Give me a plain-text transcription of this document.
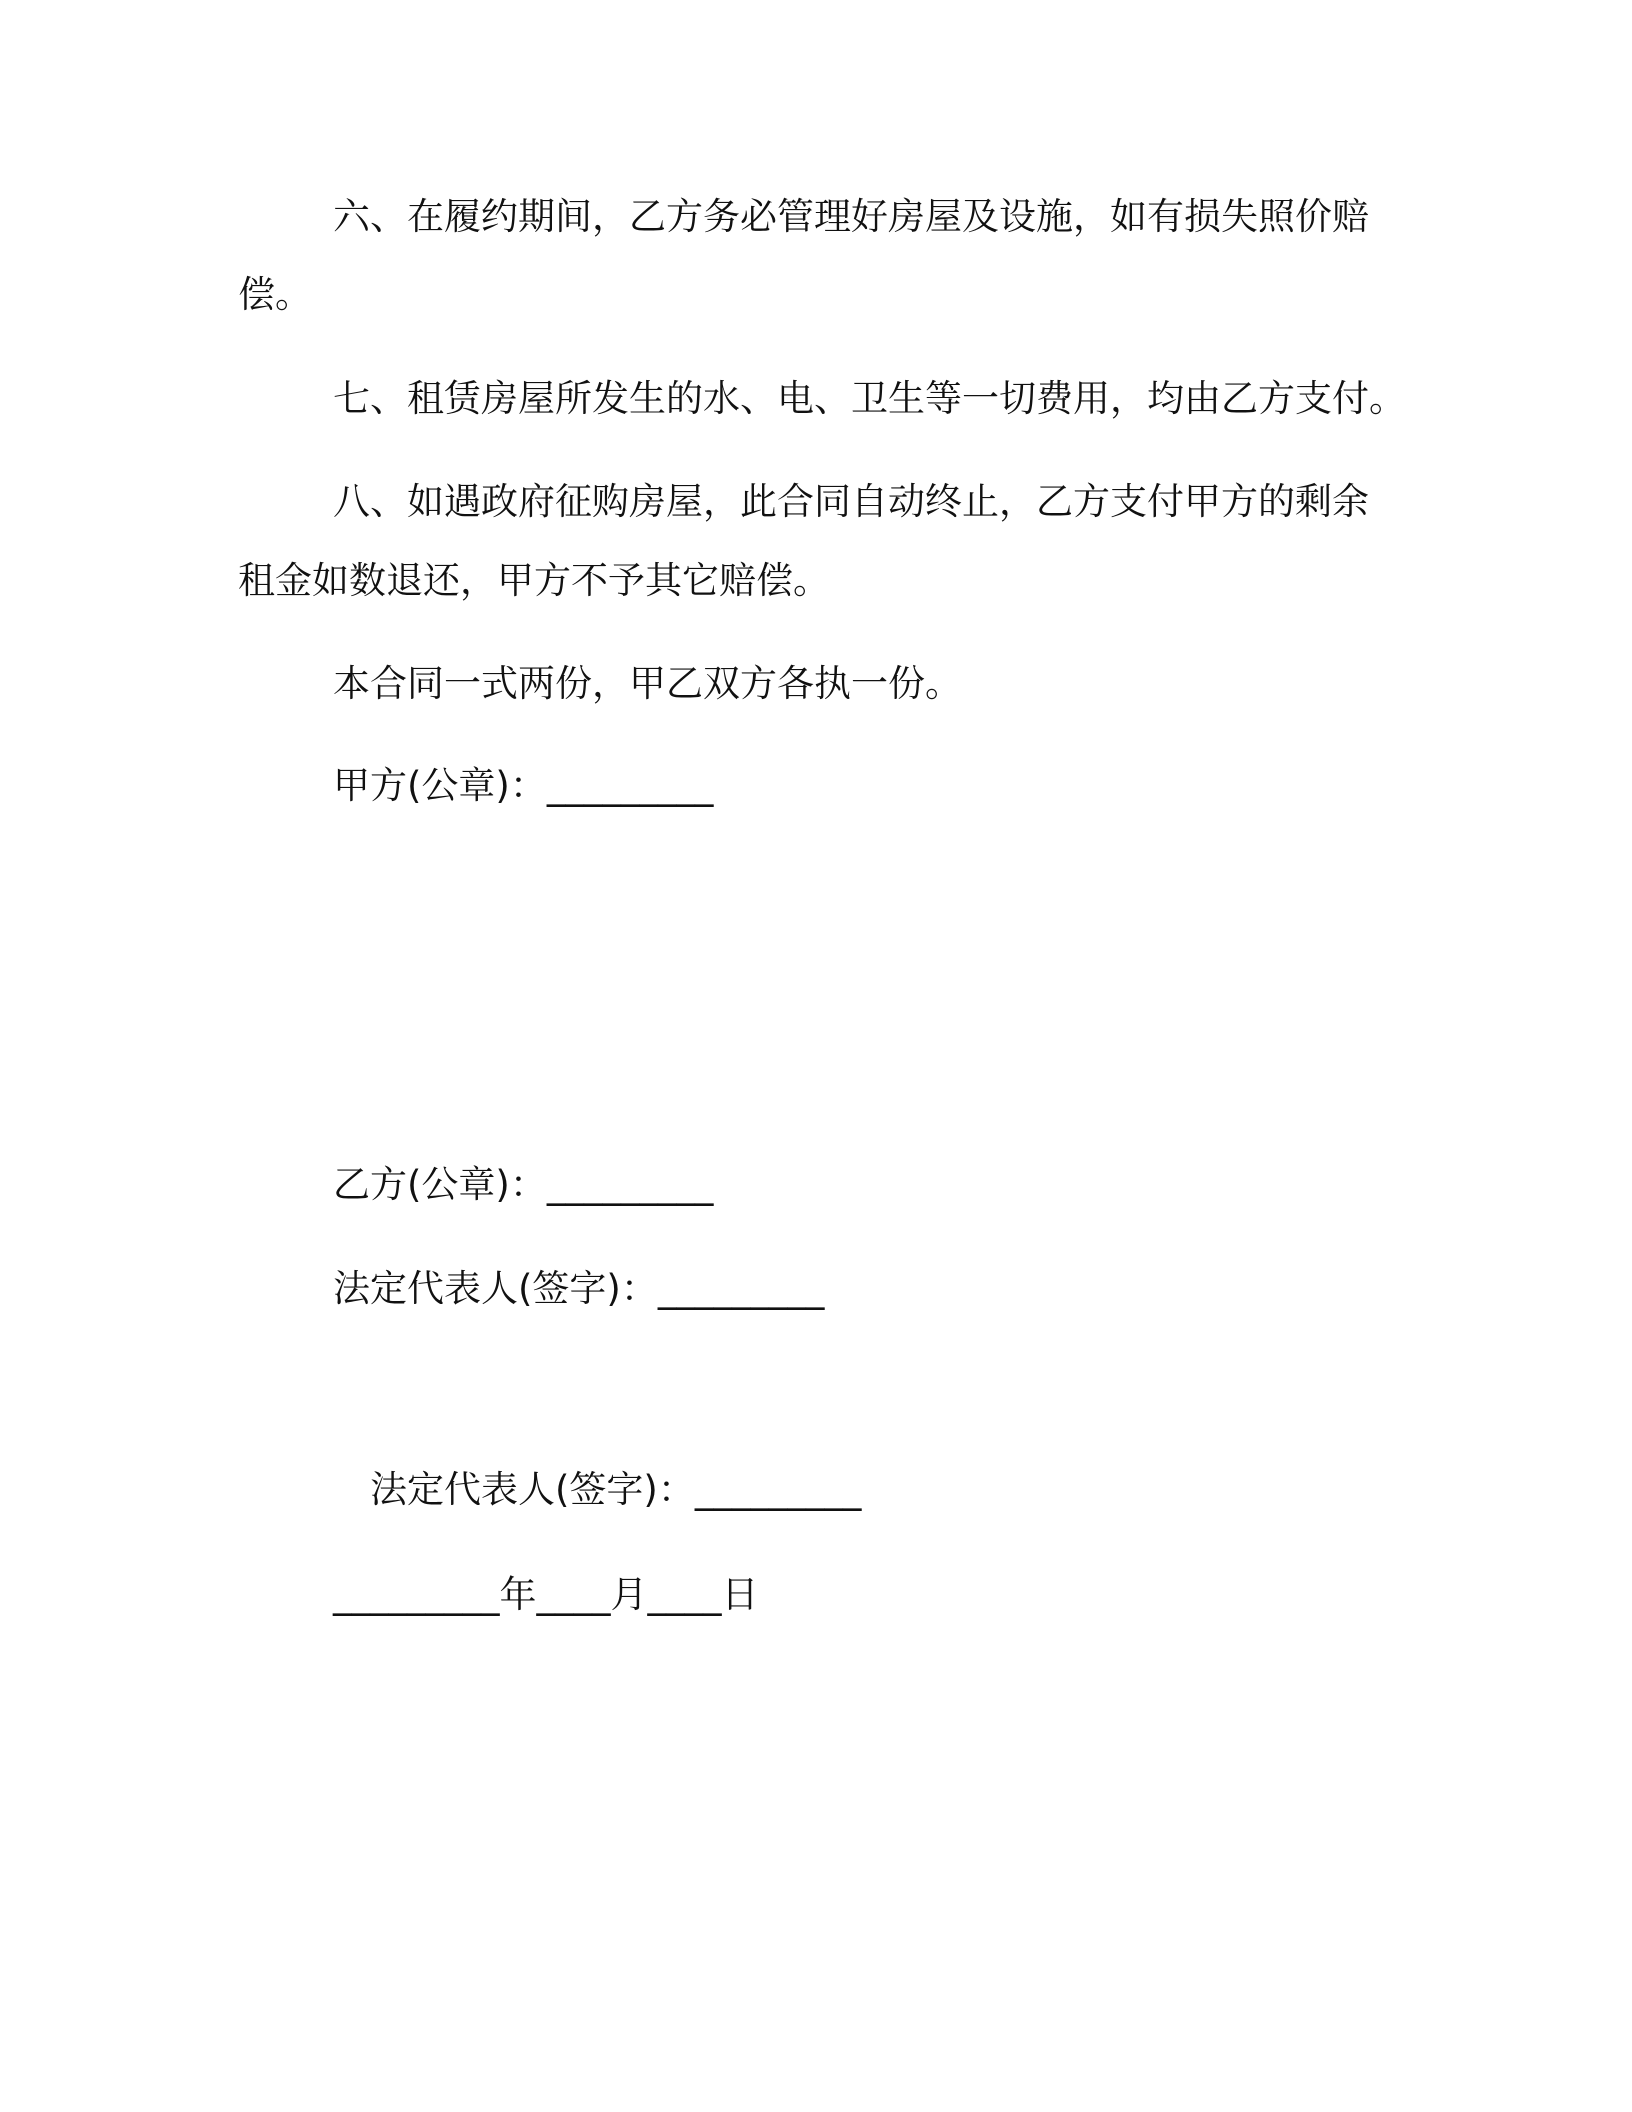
六、在履约期间，乙方务必管理好房屋及设施，如有损失照价赔
偿。
七、租赁房屋所发生的水、电、卫生等一切费用，均由乙方支付。
八、如遇政府征购房屋，此合同自动终止，乙方支付甲方的剩余
租金如数退还，甲方不予其它赔偿。
本合同一式两份，甲乙双方各执一份。
甲方(公章)：_________
乙方(公章)：_________
法定代表人(签字)：_________
法定代表人(签字)：_________
_________年____月____日
